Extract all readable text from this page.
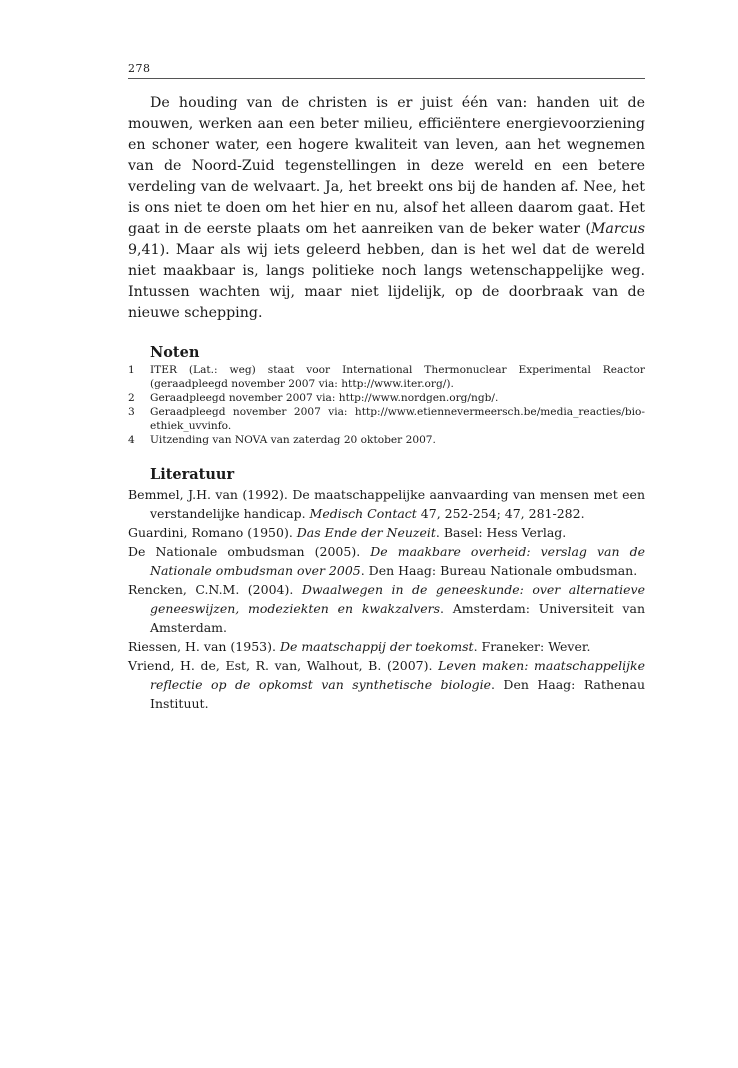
278

De houding van de christen is er juist één van: handen uit de mouwen, werken aan een beter milieu, efficiëntere energievoorziening en schoner water, een hogere kwaliteit van leven, aan het wegnemen van de Noord-Zuid tegenstellingen in deze wereld en een betere verdeling van de welvaart. Ja, het breekt ons bij de handen af. Nee, het is ons niet te doen om het hier en nu, alsof het alleen daarom gaat. Het gaat in de eerste plaats om het aanreiken van de beker water (Marcus 9,41). Maar als wij iets geleerd hebben, dan is het wel dat de wereld niet maakbaar is, langs politieke noch langs wetenschappelijke weg. Intussen wachten wij, maar niet lijdelijk, op de doorbraak van de nieuwe schepping.

Noten
1 ITER (Lat.: weg) staat voor International Thermonuclear Experimental Reactor (geraadpleegd november 2007 via: http://www.iter.org/).
2 Geraadpleegd november 2007 via: http://www.nordgen.org/ngb/.
3 Geraadpleegd november 2007 via: http://www.etiennevermeersch.be/media_reacties/bio-ethiek_uvvinfo.
4 Uitzending van NOVA van zaterdag 20 oktober 2007.
Literatuur
Bemmel, J.H. van (1992). De maatschappelijke aanvaarding van mensen met een verstandelijke handicap. Medisch Contact 47, 252-254; 47, 281-282.
Guardini, Romano (1950). Das Ende der Neuzeit. Basel: Hess Verlag.
De Nationale ombudsman (2005). De maakbare overheid: verslag van de Nationale ombudsman over 2005. Den Haag: Bureau Nationale ombudsman.
Rencken, C.N.M. (2004). Dwaalwegen in de geneeskunde: over alternatieve geneeswijzen, modeziekten en kwakzalvers. Amsterdam: Universiteit van Amsterdam.
Riessen, H. van (1953). De maatschappij der toekomst. Franeker: Wever.
Vriend, H. de, Est, R. van, Walhout, B. (2007). Leven maken: maatschappelijke reflectie op de opkomst van synthetische biologie. Den Haag: Rathenau Instituut.
